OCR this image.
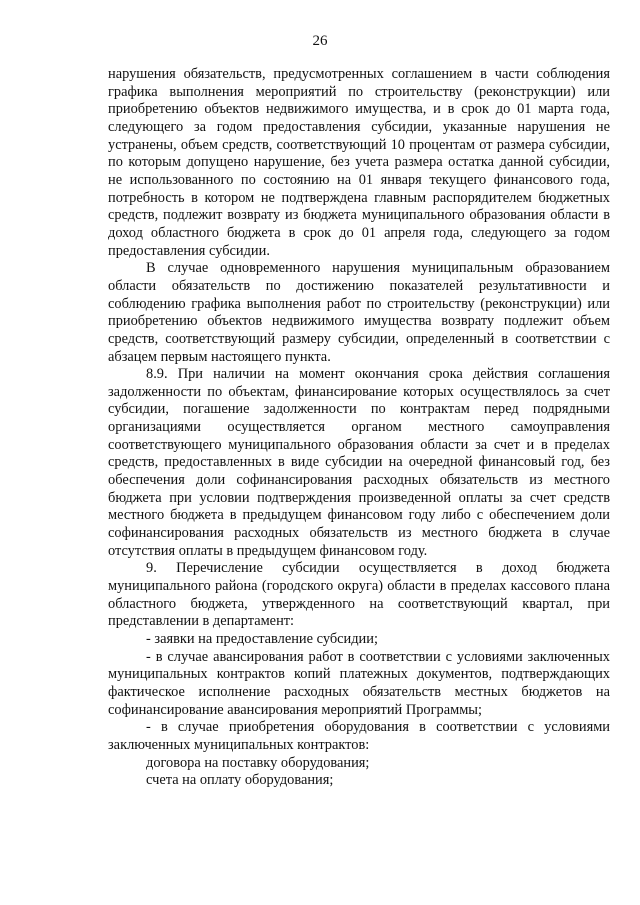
26

нарушения обязательств, предусмотренных соглашением в части соблюдения графика выполнения мероприятий по строительству (реконструкции) или приобретению объектов недвижимого имущества, и в срок до 01 марта года, следующего за годом предоставления субсидии, указанные нарушения не устранены, объем средств, соответствующий 10 процентам от размера субсидии, по которым допущено нарушение, без учета размера остатка данной субсидии, не использованного по состоянию на 01 января текущего финансового года, потребность в котором не подтверждена главным распорядителем бюджетных средств, подлежит возврату из бюджета муниципального образования области в доход областного бюджета в срок до 01 апреля года, следующего за годом предоставления субсидии.

В случае одновременного нарушения муниципальным образованием области обязательств по достижению показателей результативности и соблюдению графика выполнения работ по строительству (реконструкции) или приобретению объектов недвижимого имущества возврату подлежит объем средств, соответствующий размеру субсидии, определенный в соответствии с абзацем первым настоящего пункта.

8.9. При наличии на момент окончания срока действия соглашения задолженности по объектам, финансирование которых осуществлялось за счет субсидии, погашение задолженности по контрактам перед подрядными организациями осуществляется органом местного самоуправления соответствующего муниципального образования области за счет и в пределах средств, предоставленных в виде субсидии на очередной финансовый год, без обеспечения доли софинансирования расходных обязательств из местного бюджета при условии подтверждения произведенной оплаты за счет средств местного бюджета в предыдущем финансовом году либо с обеспечением доли софинансирования расходных обязательств из местного бюджета в случае отсутствия оплаты в предыдущем финансовом году.

9. Перечисление субсидии осуществляется в доход бюджета муниципального района (городского округа) области в пределах кассового плана областного бюджета, утвержденного на соответствующий квартал, при представлении в департамент:

- заявки на предоставление субсидии;

- в случае авансирования работ в соответствии с условиями заключенных муниципальных контрактов копий платежных документов, подтверждающих фактическое исполнение расходных обязательств местных бюджетов на софинансирование авансирования мероприятий Программы;

- в случае приобретения оборудования в соответствии с условиями заключенных муниципальных контрактов:

договора на поставку оборудования;

счета на оплату оборудования;
